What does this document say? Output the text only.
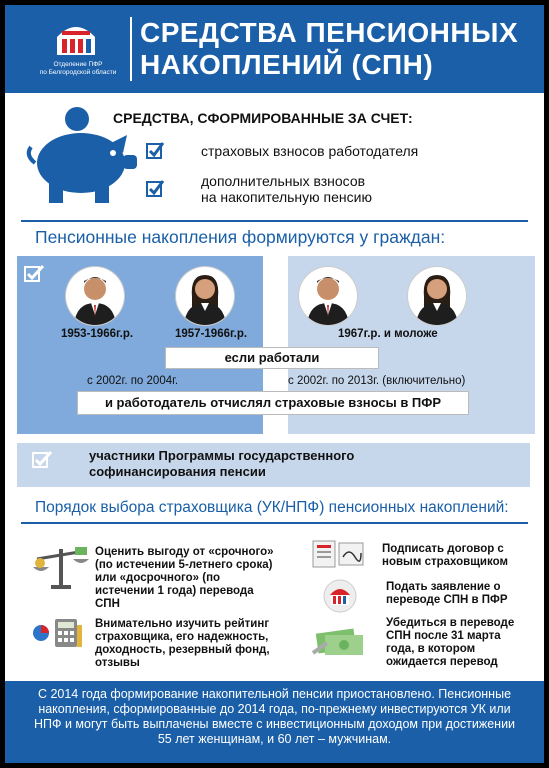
Отделение ПФР
по Белгородской области
СРЕДСТВА ПЕНСИОННЫХ
НАКОПЛЕНИЙ (СПН)
СРЕДСТВА, СФОРМИРОВАННЫЕ ЗА СЧЕТ:
страховых взносов работодателя
дополнительных взносов
на накопительную пенсию
Пенсионные накопления формируются у граждан:
1953-1966г.р.	1957-1966г.р.	1967г.р. и моложе
если работали
с 2002г. по 2004г.	с 2002г. по 2013г. (включительно)
и работодатель отчислял страховые взносы в ПФР
участники Программы государственного
софинансирования пенсии
Порядок выбора страховщика (УК/НПФ) пенсионных накоплений:
Оценить выгоду от «срочного»
(по истечении 5-летнего срока)
или «досрочного» (по
истечении 1 года) перевода
СПН
Внимательно изучить рейтинг
страховщика, его надежность,
доходность, резервный фонд,
отзывы
Подписать договор с
новым страховщиком
Подать заявление о
переводе СПН в ПФР
Убедиться в переводе
СПН после 31 марта
года, в котором
ожидается перевод
С 2014 года формирование накопительной пенсии приостановлено. Пенсионные
накопления, сформированные до 2014 года, по-прежнему инвестируются УК или
НПФ и могут быть выплачены вместе с инвестиционным доходом при достижении
55 лет женщинам, и 60 лет – мужчинам.
